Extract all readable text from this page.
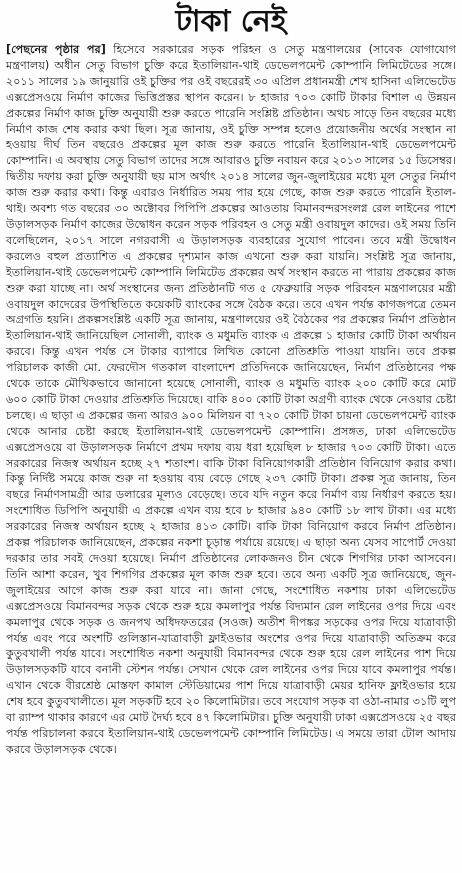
টাকা নেই

[পেছনের পৃষ্ঠার পর] হিসেবে সরকারের সড়ক পরিহন ও সেতু মন্ত্রণালয়ের (সাবেক যোগাযোগ মন্ত্রণালয়) অধীন সেতু বিভাগ চুক্তি করে ইতালিয়ান-থাই ডেভেলপমেন্ট কোম্পানি লিমিটেডের সঙ্গে। ২০১১ সালের ১৯ জানুয়ারি ওই চুক্তির পর ওই বছরেরই ৩০ এপ্রিল প্রধানমন্ত্রী শেখ হাসিনা এলিভেটেড এক্সপ্রেসওয়ে নির্মাণ কাজের ভিত্তিপ্রস্তর স্থাপন করেন। ৮ হাজার ৭০৩ কোটি টাকার বিশাল এ উন্নয়ন প্রকল্পের নির্মাণ কাজ চুক্তি অনুযায়ী শুরু করতে পারেনি সংশ্লিষ্ট প্রতিষ্ঠান। অথচ সাড়ে তিন বছরের মধ্যে নির্মাণ কাজ শেষ করার কথা ছিল। সূত্র জানায়, ওই চুক্তি সম্পন্ন হলেও প্রয়োজনীয় অর্থের সংস্থান না হওয়ায় দীর্ঘ তিন বছরেও প্রকল্পের মূল কাজ শুরু করতে পারেনি ইতালিয়ান-থাই ডেভেলপমেন্ট কোম্পানি। এ অবস্থায় সেতু বিভাগ তাদের সঙ্গে আবারও চুক্তি নবায়ন করে ২০১৩ সালের ১৫ ডিসেম্বর। দ্বিতীয় দফায় করা চুক্তি অনুযায়ী ছয় মাস অর্থাৎ ২০১৪ সালের জুন-জুলাইয়ের মধ্যে মূল সেতুর নির্মাণ কাজ শুরু করার কথা। কিন্তু এবারও নির্ধারিত সময় পার হয়ে গেছে, কাজ শুরু করতে পারেনি ইতাল-থাই। অবশ্য গত বছরের ৩০ অক্টোবর পিপিপি প্রকল্পের আওতায় বিমানবন্দরসংলগ্ন রেল লাইনের পাশে উড়ালসড়ক নির্মাণ কাজের উদ্বোধন করেন সড়ক পরিবহন ও সেতু মন্ত্রী ওবায়দুল কাদের। ওই সময় তিনি বলেছিলেন, ২০১৭ সালে নগরবাসী এ উড়ালসড়ক ব্যবহারের সুযোগ পাবেন। তবে মন্ত্রী উদ্বোধন করলেও বহুল প্রত্যাশিত এ প্রকল্পের দৃশ্যমান কাজ এখনো শুরু করা যায়নি। সংশ্লিষ্ট সূত্র জানায়, ইতালিয়ান-থাই ডেভেলপমেন্ট কোম্পানি লিমিটেড প্রকল্পের অর্থ সংস্থান করতে না পারায় প্রকল্পের কাজ শুরু করা যাচ্ছে না। অর্থ সংস্থানের জন্য প্রতিষ্ঠানটি গত ৫ ফেব্রুয়ারি সড়ক পরিবহন মন্ত্রণালয়ের মন্ত্রী ওবায়দুল কাদেরের উপস্থিতিতে কয়েকটি ব্যাংকের সঙ্গে বৈঠক করে। তবে এখন পর্যন্ত কাগজপত্রে তেমন অগ্রগতি হয়নি। প্রকল্পসংশ্লিষ্ট একটি সূত্র জানায়, মন্ত্রণালয়ের ওই বৈঠকের পর প্রকল্পের নির্মাণ প্রতিষ্ঠান ইতালিয়ান-থাই জানিয়েছিল সোনালী, ব্যাংক ও মধুমতি ব্যাংক এ প্রকল্পে ১ হাজার কোটি টাকা অর্থায়ন করবে। কিন্তু এখন পর্যন্ত সে টাকার ব্যাপারে লিখিত কোনো প্রতিশ্রুতি পাওয়া যায়নি। তবে প্রকল্প পরিচালক কাজী মো. ফেরদৌস গতকাল বাংলাদেশ প্রতিদিনকে জানিয়েছেন, নির্মাণ প্রতিষ্ঠানের পক্ষ থেকে তাকে মৌখিকভাবে জানানো হয়েছে সোনালী, ব্যাংক ও মধুমতি ব্যাংক ২০০ কোটি করে মোট ৬০০ কোটি টাকা দেওয়ার প্রতিশ্রুতি দিয়েছে। বাকি ৪০০ কোটি টাকা অগ্রণী ব্যাংক থেকে নেওয়ার চেষ্টা চলছে। এ ছাড়া এ প্রকল্পের জন্য আরও ৯০০ মিলিয়ন বা ৭২০ কোটি টাকা চায়না ডেভেলপমেন্ট ব্যাংক থেকে আনার চেষ্টা করছে ইতালিয়ান-থাই ডেভেলপমেন্ট কোম্পানি। প্রসঙ্গত, ঢাকা এলিভেটেড এক্সপ্রেসওয়ে বা উড়ালসড়ক নির্মাণে প্রথম দফায় ব্যয় ধরা হয়েছিল ৮ হাজার ৭০৩ কোটি টাকা। এতে সরকারের নিজস্ব অর্থায়ন হচ্ছে ২৭ শতাংশ। বাকি টাকা বিনিয়োগকারী প্রতিষ্ঠান বিনিয়োগ করার কথা। কিন্তু নির্দিষ্ট সময়ে কাজ শুরু না হওয়ায় ব্যয় বেড়ে গেছে ২৩৭ কোটি টাকা। প্রকল্প সূত্র জানায়, তিন বছরে নির্মাণসামগ্রী আর ডলারের মূল্যও বেড়েছে। তবে যদি নতুন করে নির্মাণ ব্যয় নির্ধারণ করতে হয়। সংশোধিত ডিপিপি অনুযায়ী এ প্রকল্পে এখন ব্যয় হবে ৮ হাজার ৯৪০ কোটি ১৮ লাখ টাকা। এর মধ্যে সরকারের নিজস্ব অর্থায়ন হচ্ছে ২ হাজার ৪১৩ কোটি। বাকি টাকা বিনিয়োগ করবে নির্মাণ প্রতিষ্ঠান। প্রকল্প পরিচালক জানিয়েছেন, প্রকল্পের নকশা চূড়ান্ত পর্যায়ে রয়েছে। এ ছাড়া অন্য যেসব সাপোর্ট দেওয়া দরকার তার সবই দেওয়া হয়েছে। নির্মাণ প্রতিষ্ঠানের লোকজনও চীন থেকে শিগগির ঢাকা আসবেন। তিনি আশা করেন, খুব শিগগির প্রকল্পের মূল কাজ শুরু হবে। তবে অন্য একটি সূত্র জানিয়েছে, জুন-জুলাইয়ের আগে কাজ শুরু করা যাবে না। জানা গেছে, সংশোধিত নকশায় ঢাকা এলিভেটেড এক্সপ্রেসওয়ে বিমানবন্দর সড়ক থেকে শুরু হয়ে কমলাপুর পর্যন্ত বিদ্যমান রেল লাইনের ওপর দিয়ে এবং কমলাপুর থেকে সড়ক ও জনপথ অধিদফতরের (সওজ) অতীশ দীপঙ্কর সড়কের ওপর দিয়ে যাত্রাবাড়ী পর্যন্ত এবং পরে অংশটি গুলিস্তান-যাত্রাবাড়ী ফ্লাইওভার অংশের ওপর দিয়ে যাত্রাবাড়ী অতিক্রম করে কুতুবখালী পর্যন্ত যাবে। সংশোধিত নকশা অনুযায়ী বিমানবন্দর থেকে শুরু হয়ে রেল লাইনের পাশ দিয়ে উড়ালসড়কটি যাবে বনানী স্টেশন পর্যন্ত। সেখান থেকে রেল লাইনের ওপর দিয়ে যাবে কমলাপুর পর্যন্ত। এখান থেকে বীরশ্রেষ্ঠ মোস্তফা কামাল স্টেডিয়ামের পাশ দিয়ে যাত্রাবাড়ী মেয়র হানিফ ফ্লাইওভার হয়ে শেষ হবে কুতুবখালীতে। মূল সড়কটি হবে ২০ কিলোমিটার। তবে সংযোগ সড়ক বা ওঠা-নামার ৩১টি লুপ বা র‌্যাম্প থাকার কারণে এর মোট দৈর্ঘ্য হবে ৪৭ কিলোমিটার। চুক্তি অনুযায়ী ঢাকা এক্সপ্রেসওয়ে ২৫ বছর পর্যন্ত পরিচালনা করবে ইতালিয়ান-থাই ডেভেলপমেন্ট কোম্পানি লিমিটেড। এ সময়ে তারা টোল আদায় করবে উড়ালসড়ক থেকে।
